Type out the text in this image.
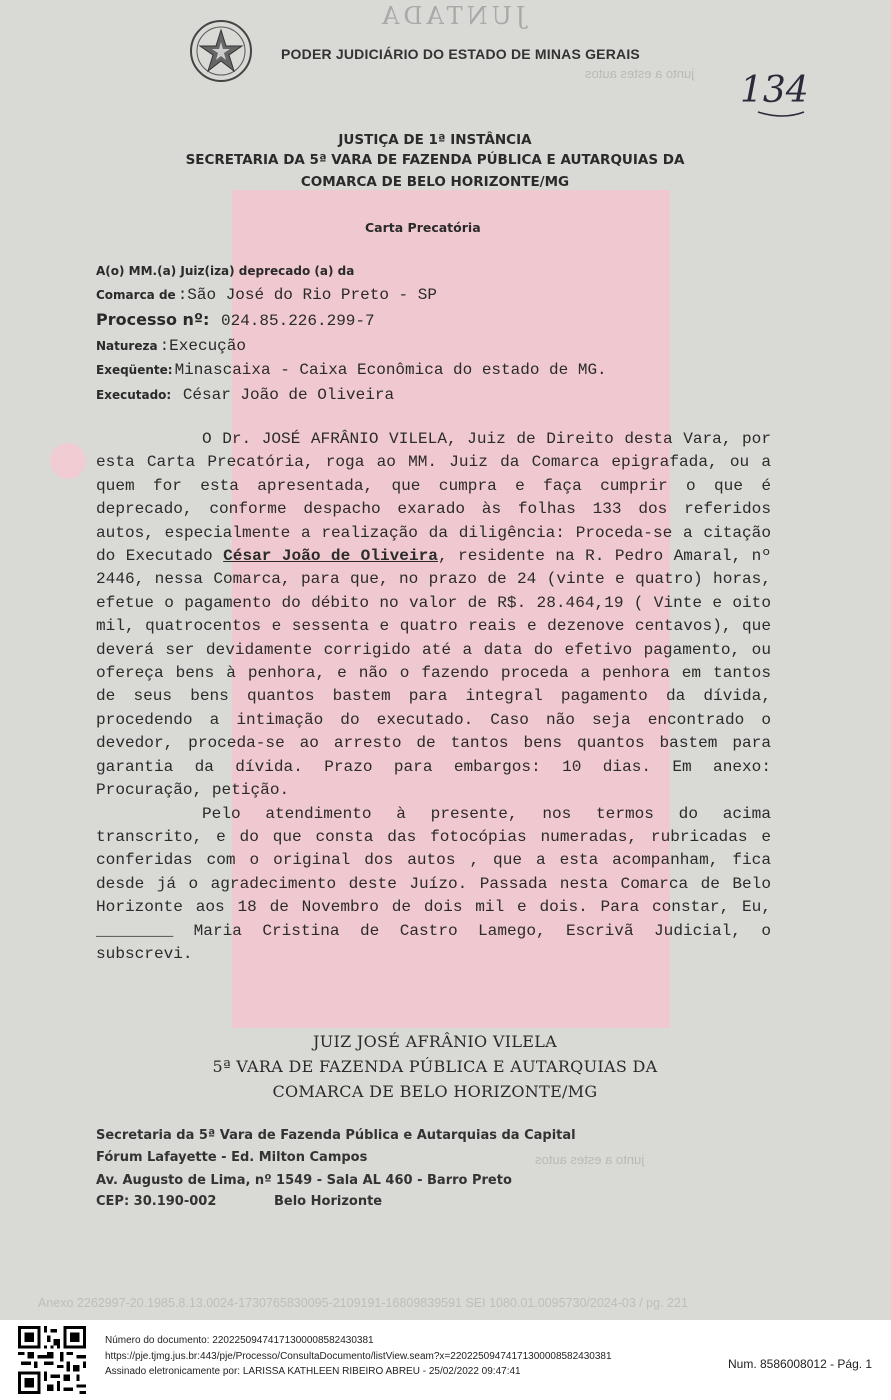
JUNTADA
junto a estes autos
junto a estes autos
PODER JUDICIÁRIO DO ESTADO DE MINAS GERAIS
134
JUSTIÇA DE 1ª INSTÂNCIA
SECRETARIA DA 5ª VARA DE FAZENDA PÚBLICA E AUTARQUIAS DA
COMARCA DE BELO HORIZONTE/MG
Carta Precatória
A(o) MM.(a) Juiz(iza) deprecado (a) da
Comarca de :São José do Rio Preto - SP
Processo nº: 024.85.226.299-7
Natureza :Execução
Exeqüente: Minascaixa - Caixa Econômica do estado de MG.
Executado: César João de Oliveira

O Dr. JOSÉ AFRÂNIO VILELA, Juiz de Direito desta Vara, por esta Carta Precatória, roga ao MM. Juiz da Comarca epigrafada, ou a quem for esta apresentada, que cumpra e faça cumprir o que é deprecado, conforme despacho exarado às folhas 133 dos referidos autos, especialmente a realização da diligência: Proceda-se a citação do Executado César João de Oliveira, residente na R. Pedro Amaral, nº 2446, nessa Comarca, para que, no prazo de 24 (vinte e quatro) horas, efetue o pagamento do débito no valor de R$. 28.464,19 ( Vinte e oito mil, quatrocentos e sessenta e quatro reais e dezenove centavos), que deverá ser devidamente corrigido até a data do efetivo pagamento, ou ofereça bens à penhora, e não o fazendo proceda a penhora em tantos de seus bens quantos bastem para integral pagamento da dívida, procedendo a intimação do executado. Caso não seja encontrado o devedor, proceda-se ao arresto de tantos bens quantos bastem para garantia da dívida. Prazo para embargos: 10 dias. Em anexo: Procuração, petição.

Pelo atendimento à presente, nos termos do acima transcrito, e do que consta das fotocópias numeradas, rubricadas e conferidas com o original dos autos , que a esta acompanham, fica desde já o agradecimento deste Juízo. Passada nesta Comarca de Belo Horizonte aos 18 de Novembro de dois mil e dois. Para constar, Eu, ________ Maria Cristina de Castro Lamego, Escrivã Judicial, o subscrevi.

JUIZ JOSÉ AFRÂNIO VILELA
5ª VARA DE FAZENDA PÚBLICA E AUTARQUIAS DA
COMARCA DE BELO HORIZONTE/MG
Secretaria da 5ª Vara de Fazenda Pública e Autarquias da Capital
Fórum Lafayette - Ed. Milton Campos
Av. Augusto de Lima, nº 1549 - Sala AL 460 - Barro Preto
CEP: 30.190-002	Belo Horizonte
Anexo 2262997-20.1985.8.13.0024-1730765830095-2109191-16809839591 SEI 1080.01.0095730/2024-03 / pg. 221
Número do documento: 22022509474171300008582430381
https://pje.tjmg.jus.br:443/pje/Processo/ConsultaDocumento/listView.seam?x=22022509474171300008582430381
Assinado eletronicamente por: LARISSA KATHLEEN RIBEIRO ABREU - 25/02/2022 09:47:41
Num. 8586008012 - Pág. 1
